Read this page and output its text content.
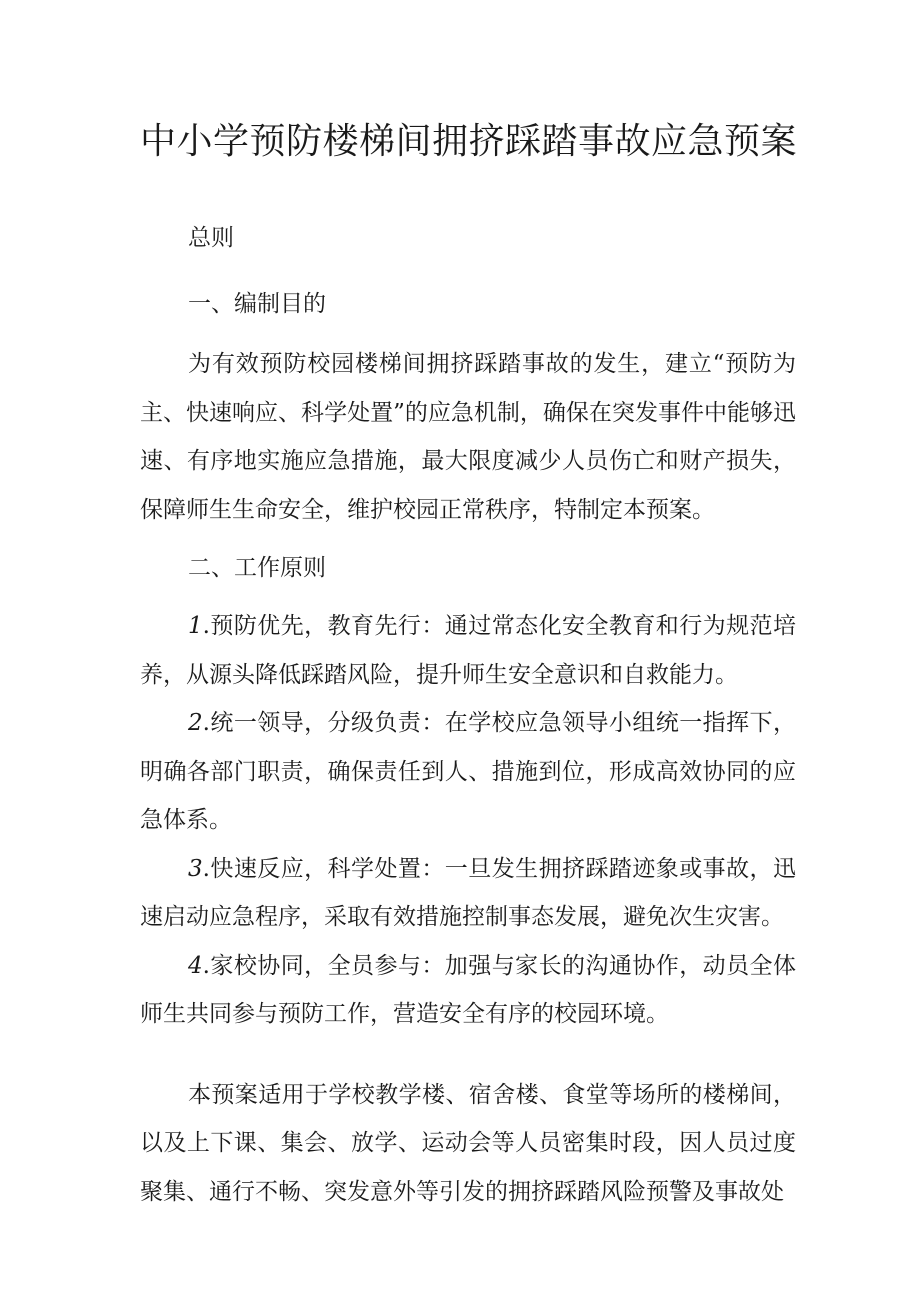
中小学预防楼梯间拥挤踩踏事故应急预案

总则

一、编制目的

为有效预防校园楼梯间拥挤踩踏事故的发生，建立“预防为主、快速响应、科学处置”的应急机制，确保在突发事件中能够迅速、有序地实施应急措施，最大限度减少人员伤亡和财产损失，保障师生生命安全，维护校园正常秩序，特制定本预案。

二、工作原则

1.预防优先，教育先行：通过常态化安全教育和行为规范培养，从源头降低踩踏风险，提升师生安全意识和自救能力。

2.统一领导，分级负责：在学校应急领导小组统一指挥下，明确各部门职责，确保责任到人、措施到位，形成高效协同的应急体系。

3.快速反应，科学处置：一旦发生拥挤踩踏迹象或事故，迅速启动应急程序，采取有效措施控制事态发展，避免次生灾害。

4.家校协同，全员参与：加强与家长的沟通协作，动员全体师生共同参与预防工作，营造安全有序的校园环境。

本预案适用于学校教学楼、宿舍楼、食堂等场所的楼梯间，以及上下课、集会、放学、运动会等人员密集时段，因人员过度聚集、通行不畅、突发意外等引发的拥挤踩踏风险预警及事故处
